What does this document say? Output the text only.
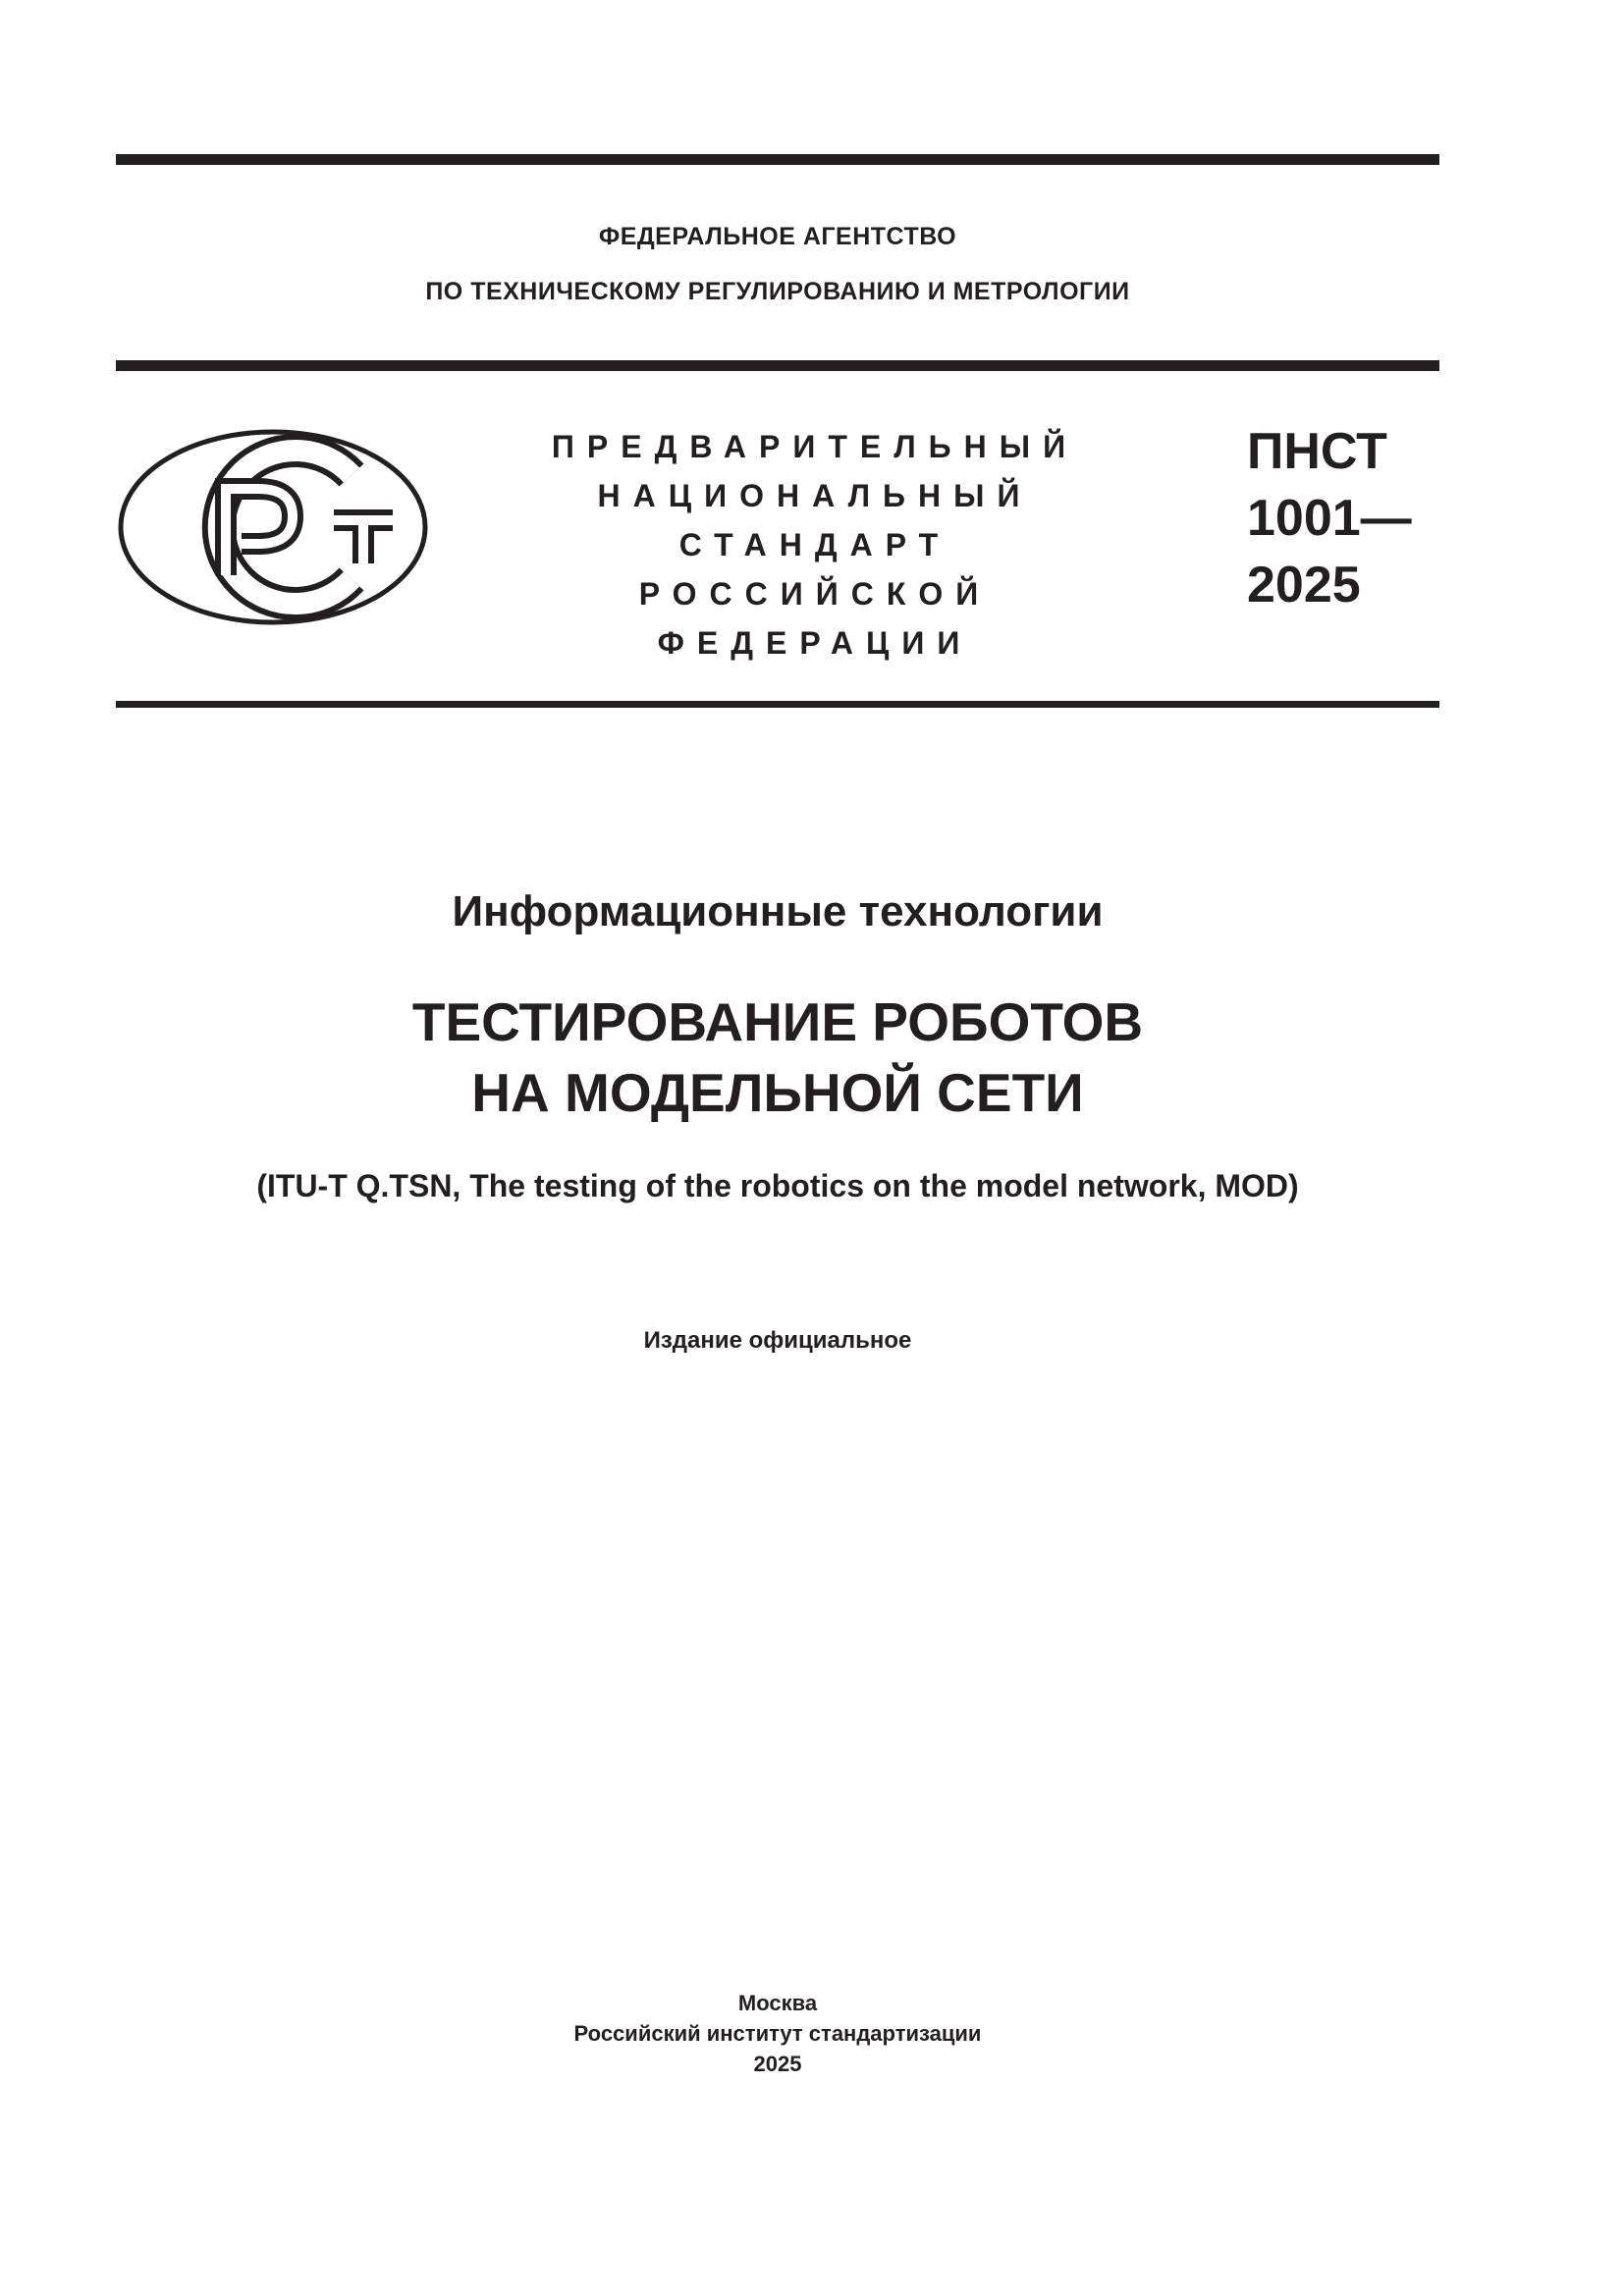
ФЕДЕРАЛЬНОЕ АГЕНТСТВО
ПО ТЕХНИЧЕСКОМУ РЕГУЛИРОВАНИЮ И МЕТРОЛОГИИ
ПРЕДВАРИТЕЛЬНЫЙ
НАЦИОНАЛЬНЫЙ
СТАНДАРТ
РОССИЙСКОЙ
ФЕДЕРАЦИИ
ПНСТ
1001—
2025
Информационные технологии
ТЕСТИРОВАНИЕ РОБОТОВ
НА МОДЕЛЬНОЙ СЕТИ
(ITU-T Q.TSN, The testing of the robotics on the model network, MOD)
Издание официальное
Москва
Российский институт стандартизации
2025
